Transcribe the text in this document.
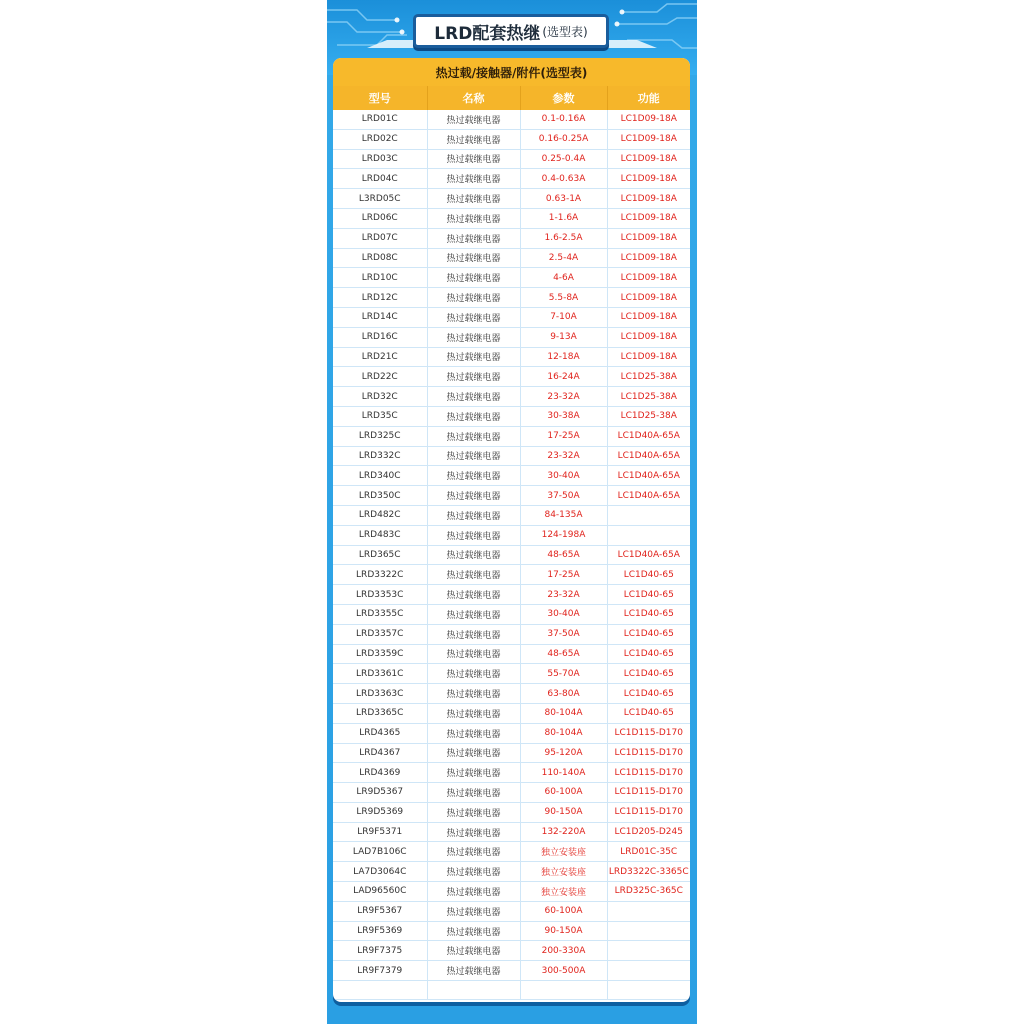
LRD配套热继 (选型表)
热过载/接触器/附件(选型表)
型号	名称	参数	功能
LRD01C	热过载继电器	0.1-0.16A	LC1D09-18A
LRD02C	热过载继电器	0.16-0.25A	LC1D09-18A
LRD03C	热过载继电器	0.25-0.4A	LC1D09-18A
LRD04C	热过载继电器	0.4-0.63A	LC1D09-18A
L3RD05C	热过载继电器	0.63-1A	LC1D09-18A
LRD06C	热过载继电器	1-1.6A	LC1D09-18A
LRD07C	热过载继电器	1.6-2.5A	LC1D09-18A
LRD08C	热过载继电器	2.5-4A	LC1D09-18A
LRD10C	热过载继电器	4-6A	LC1D09-18A
LRD12C	热过载继电器	5.5-8A	LC1D09-18A
LRD14C	热过载继电器	7-10A	LC1D09-18A
LRD16C	热过载继电器	9-13A	LC1D09-18A
LRD21C	热过载继电器	12-18A	LC1D09-18A
LRD22C	热过载继电器	16-24A	LC1D25-38A
LRD32C	热过载继电器	23-32A	LC1D25-38A
LRD35C	热过载继电器	30-38A	LC1D25-38A
LRD325C	热过载继电器	17-25A	LC1D40A-65A
LRD332C	热过载继电器	23-32A	LC1D40A-65A
LRD340C	热过载继电器	30-40A	LC1D40A-65A
LRD350C	热过载继电器	37-50A	LC1D40A-65A
LRD482C	热过载继电器	84-135A	
LRD483C	热过载继电器	124-198A	
LRD365C	热过载继电器	48-65A	LC1D40A-65A
LRD3322C	热过载继电器	17-25A	LC1D40-65
LRD3353C	热过载继电器	23-32A	LC1D40-65
LRD3355C	热过载继电器	30-40A	LC1D40-65
LRD3357C	热过载继电器	37-50A	LC1D40-65
LRD3359C	热过载继电器	48-65A	LC1D40-65
LRD3361C	热过载继电器	55-70A	LC1D40-65
LRD3363C	热过载继电器	63-80A	LC1D40-65
LRD3365C	热过载继电器	80-104A	LC1D40-65
LRD4365	热过载继电器	80-104A	LC1D115-D170
LRD4367	热过载继电器	95-120A	LC1D115-D170
LRD4369	热过载继电器	110-140A	LC1D115-D170
LR9D5367	热过载继电器	60-100A	LC1D115-D170
LR9D5369	热过载继电器	90-150A	LC1D115-D170
LR9F5371	热过载继电器	132-220A	LC1D205-D245
LAD7B106C	热过载继电器	独立安装座	LRD01C-35C
LA7D3064C	热过载继电器	独立安装座	LRD3322C-3365C
LAD96560C	热过载继电器	独立安装座	LRD325C-365C
LR9F5367	热过载继电器	60-100A	
LR9F5369	热过载继电器	90-150A	
LR9F7375	热过载继电器	200-330A	
LR9F7379	热过载继电器	300-500A	
